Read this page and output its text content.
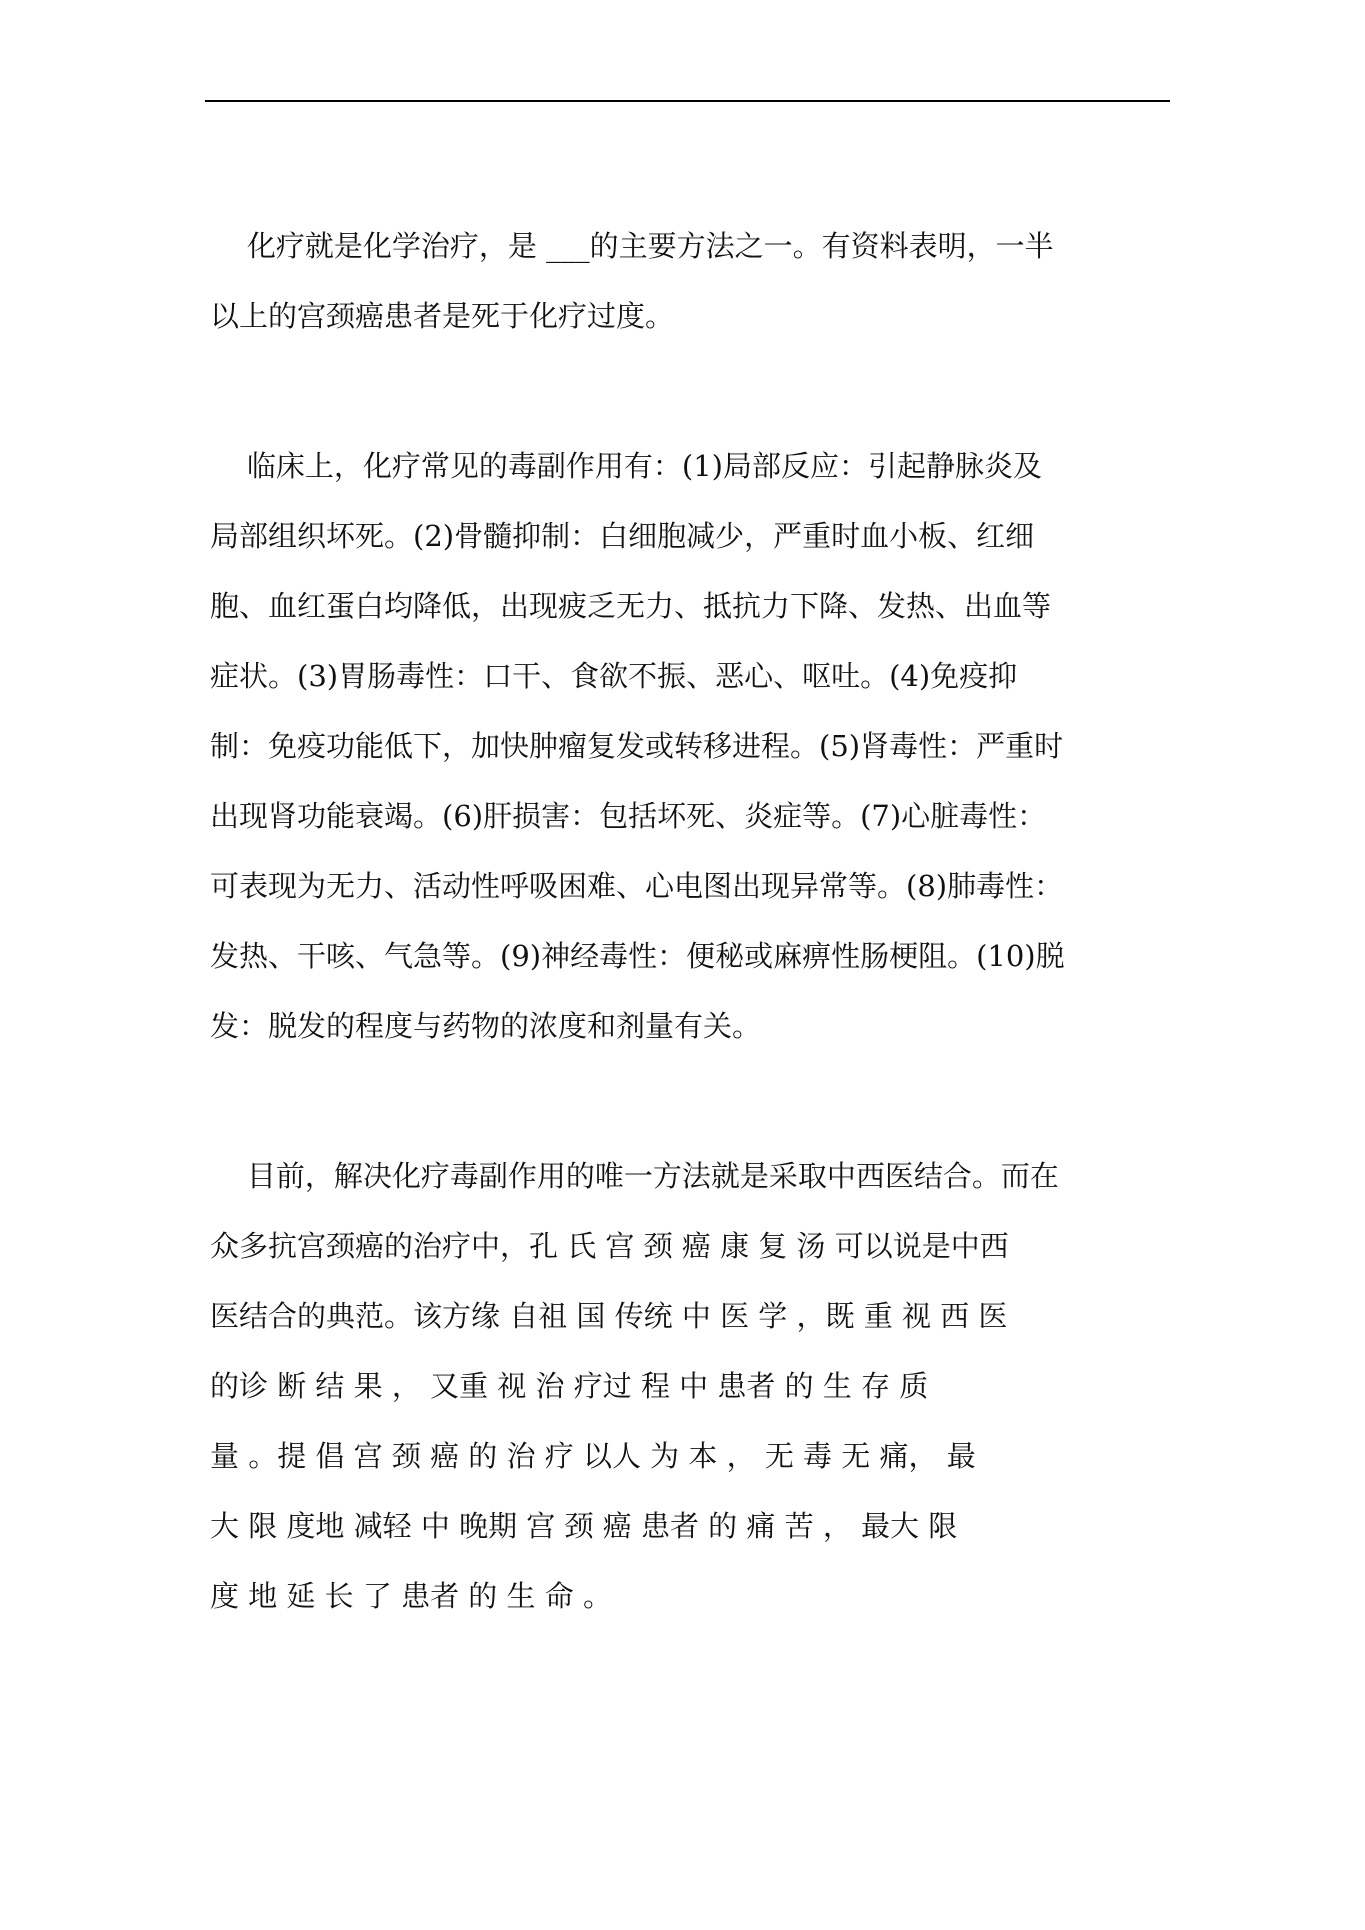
化疗就是化学治疗，是 ___的主要方法之一。有资料表明，一半
以上的宫颈癌患者是死于化疗过度。
临床上，化疗常见的毒副作用有：(1)局部反应：引起静脉炎及
局部组织坏死。(2)骨髓抑制：白细胞减少，严重时血小板、红细
胞、血红蛋白均降低，出现疲乏无力、抵抗力下降、发热、出血等
症状。(3)胃肠毒性：口干、食欲不振、恶心、呕吐。(4)免疫抑
制：免疫功能低下，加快肿瘤复发或转移进程。(5)肾毒性：严重时
出现肾功能衰竭。(6)肝损害：包括坏死、炎症等。(7)心脏毒性：
可表现为无力、活动性呼吸困难、心电图出现异常等。(8)肺毒性：
发热、干咳、气急等。(9)神经毒性：便秘或麻痹性肠梗阻。(10)脱
发：脱发的程度与药物的浓度和剂量有关。
目前，解决化疗毒副作用的唯一方法就是采取中西医结合。而在
众多抗宫颈癌的治疗中，孔 氏 宫 颈 癌 康 复 汤 可以说是中西
医结合的典范。该方缘 自祖 国 传统 中 医 学 ，既 重 视 西 医
的诊 断 结 果 ， 又重 视 治 疗过 程 中 患者 的 生 存 质
量 。提 倡 宫 颈 癌 的 治 疗 以人 为 本 ， 无 毒 无 痛， 最
大 限 度地 减轻 中 晚期 宫 颈 癌 患者 的 痛 苦 ， 最大 限
度 地 延 长 了 患者 的 生 命 。
